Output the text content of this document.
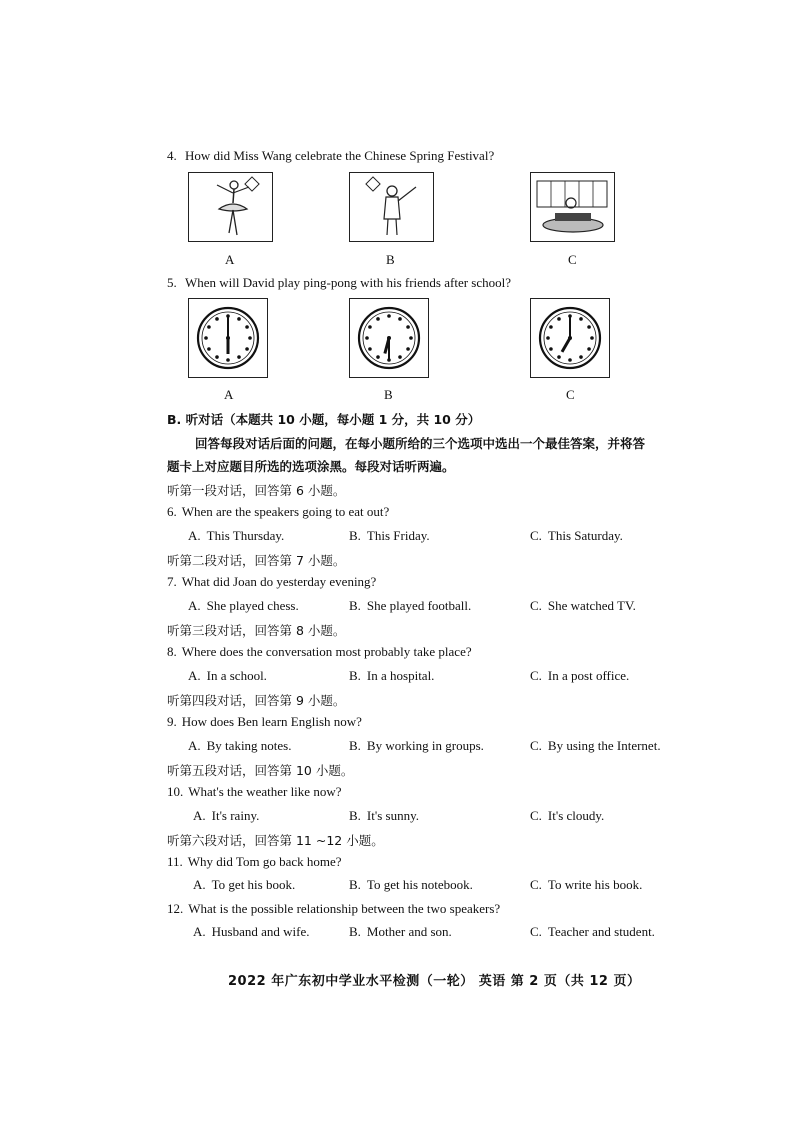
4. How did Miss Wang celebrate the Chinese Spring Festival?
A	B	C
5. When will David play ping-pong with his friends after school?
A	B	C
B. 听对话（本题共 10 小题，每小题 1 分，共 10 分）
回答每段对话后面的问题，在每小题所给的三个选项中选出一个最佳答案，并将答
题卡上对应题目所选的选项涂黑。每段对话听两遍。
听第一段对话，回答第 6 小题。
6. When are the speakers going to eat out?
A. This Thursday.	B. This Friday.	C. This Saturday.
听第二段对话，回答第 7 小题。
7. What did Joan do yesterday evening?
A. She played chess.	B. She played football.	C. She watched TV.
听第三段对话，回答第 8 小题。
8. Where does the conversation most probably take place?
A. In a school.	B. In a hospital.	C. In a post office.
听第四段对话，回答第 9 小题。
9. How does Ben learn English now?
A. By taking notes.	B. By working in groups.	C. By using the Internet.
听第五段对话，回答第 10 小题。
10. What's the weather like now?
A. It's rainy.	B. It's sunny.	C. It's cloudy.
听第六段对话，回答第 11 ~12 小题。
11. Why did Tom go back home?
A. To get his book.	B. To get his notebook.	C. To write his book.
12. What is the possible relationship between the two speakers?
A. Husband and wife.	B. Mother and son.	C. Teacher and student.
2022 年广东初中学业水平检测（一轮） 英语 第 2 页（共 12 页）
